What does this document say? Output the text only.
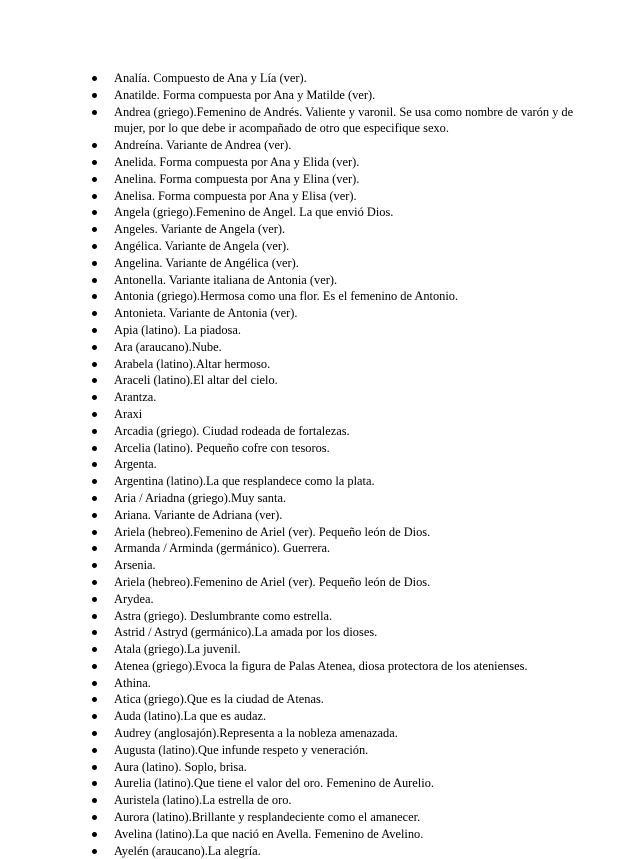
Analía. Compuesto de Ana y Lía (ver).
Anatilde. Forma compuesta por Ana y Matilde (ver).
Andrea (griego).Femenino de Andrés. Valiente y varonil. Se usa como nombre de varón y de mujer, por lo que debe ir acompañado de otro que especifique sexo.
Andreína. Variante de Andrea (ver).
Anelida. Forma compuesta por Ana y Elida (ver).
Anelina. Forma compuesta por Ana y Elina (ver).
Anelisa. Forma compuesta por Ana y Elisa (ver).
Angela (griego).Femenino de Angel. La que envió Dios.
Angeles. Variante de Angela (ver).
Angélica. Variante de Angela (ver).
Angelina. Variante de Angélica (ver).
Antonella. Variante italiana de Antonia (ver).
Antonia (griego).Hermosa como una flor. Es el femenino de Antonio.
Antonieta. Variante de Antonia (ver).
Apia (latino). La piadosa.
Ara (araucano).Nube.
Arabela (latino).Altar hermoso.
Araceli (latino).El altar del cielo.
Arantza.
Araxi
Arcadia (griego). Ciudad rodeada de fortalezas.
Arcelia (latino). Pequeño cofre con tesoros.
Argenta.
Argentina (latino).La que resplandece como la plata.
Aria / Ariadna (griego).Muy santa.
Ariana. Variante de Adriana (ver).
Ariela (hebreo).Femenino de Ariel (ver). Pequeño león de Dios.
Armanda / Arminda (germánico). Guerrera.
Arsenia.
Ariela (hebreo).Femenino de Ariel (ver). Pequeño león de Dios.
Arydea.
Astra (griego). Deslumbrante como estrella.
Astrid / Astryd (germánico).La amada por los dioses.
Atala (griego).La juvenil.
Atenea (griego).Evoca la figura de Palas Atenea, diosa protectora de los atenienses.
Athina.
Atica (griego).Que es la ciudad de Atenas.
Auda (latino).La que es audaz.
Audrey (anglosajón).Representa a la nobleza amenazada.
Augusta (latino).Que infunde respeto y veneración.
Aura (latino). Soplo, brisa.
Aurelia (latino).Que tiene el valor del oro. Femenino de Aurelio.
Auristela (latino).La estrella de oro.
Aurora (latino).Brillante y resplandeciente como el amanecer.
Avelina (latino).La que nació en Avella. Femenino de Avelino.
Ayelén (araucano).La alegría.
